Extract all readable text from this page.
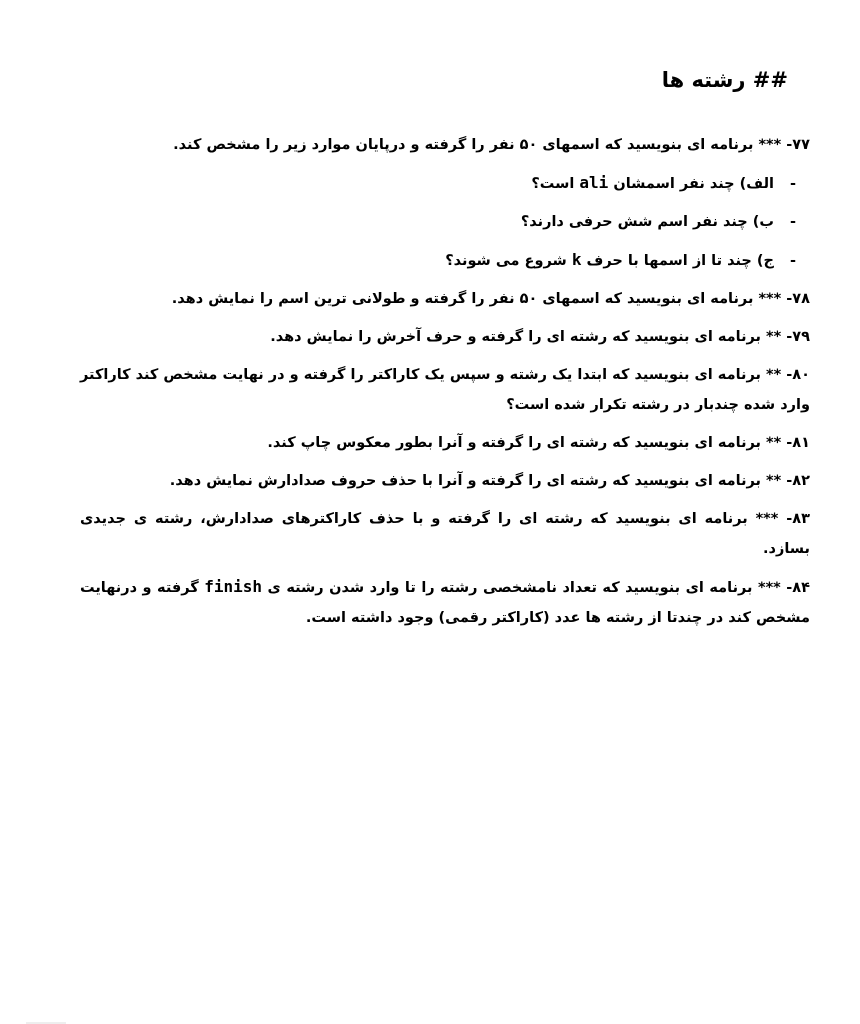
## رشته ها

۷۷- *** برنامه ای بنویسید که اسمهای ۵۰ نفر را گرفته و درپایان موارد زیر را مشخص کند.

-الف) چند نفر اسمشان ali است؟

-ب) چند نفر اسم شش حرفی دارند؟

-ج) چند تا از اسمها با حرف k شروع می شوند؟

۷۸- *** برنامه ای بنویسید که اسمهای ۵۰ نفر را گرفته و طولانی ترین اسم را نمایش دهد.

۷۹- ** برنامه ای بنویسید که رشته ای را گرفته و حرف آخرش را نمایش دهد.

۸۰- ** برنامه ای بنویسید که ابتدا یک رشته و سپس یک کاراکتر را گرفته و در نهایت مشخص کند کاراکتر وارد شده چندبار در رشته تکرار شده است؟

۸۱- ** برنامه ای بنویسید که رشته ای را گرفته و آنرا بطور معکوس چاپ کند.

۸۲- ** برنامه ای بنویسید که رشته ای را گرفته و آنرا با حذف حروف صدادارش نمایش دهد.

۸۳- *** برنامه ای بنویسید که رشته ای را گرفته و با حذف کاراکترهای صدادارش، رشته ی جدیدی بسازد.

۸۴- *** برنامه ای بنویسید که تعداد نامشخصی رشته را تا وارد شدن رشته ی finish گرفته و درنهایت مشخص کند در چندتا از رشته ها عدد (کاراکتر رقمی) وجود داشته است.
